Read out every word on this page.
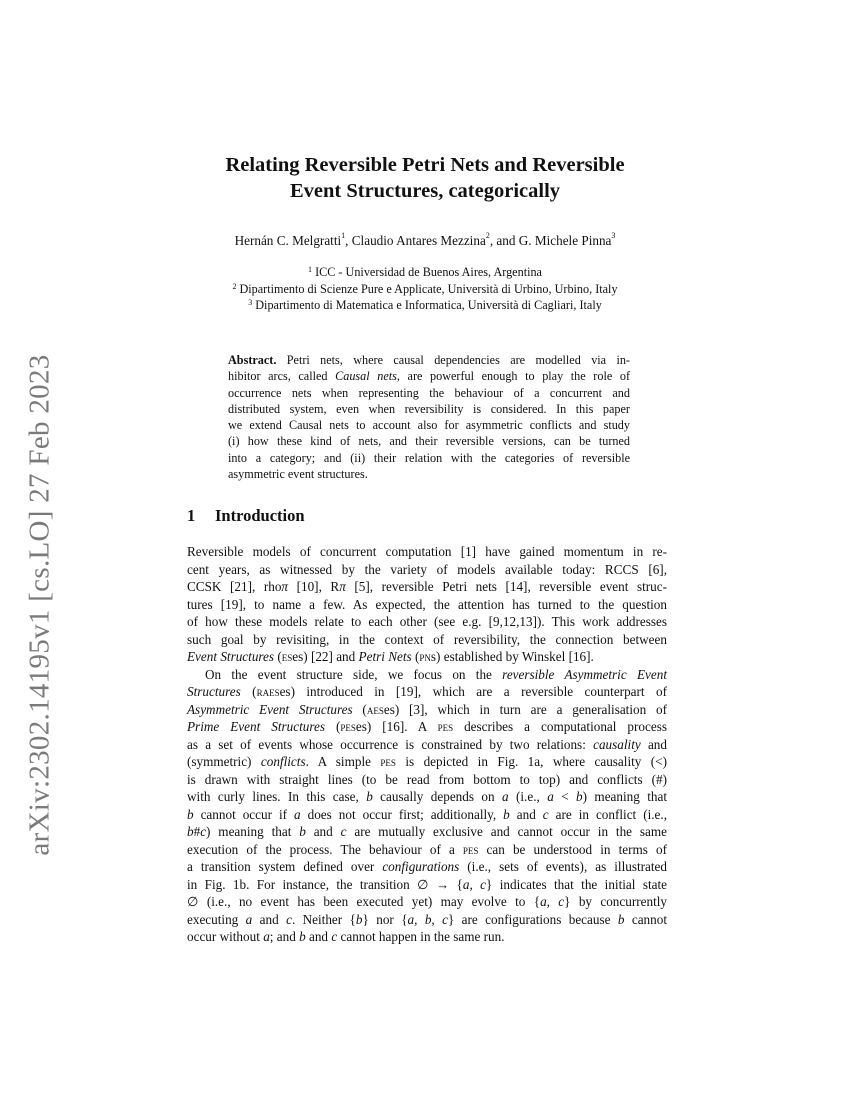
arXiv:2302.14195v1 [cs.LO] 27 Feb 2023
Relating Reversible Petri Nets and Reversible
Event Structures, categorically
Hernán C. Melgratti$^1$, Claudio Antares Mezzina$^2$, and G. Michele Pinna$^3$
$^1$ ICC - Universidad de Buenos Aires, Argentina
$^2$ Dipartimento di Scienze Pure e Applicate, Università di Urbino, Urbino, Italy
$^3$ Dipartimento di Matematica e Informatica, Università di Cagliari, Italy
Abstract. Petri nets, where causal dependencies are modelled via in-
hibitor arcs, called Causal nets, are powerful enough to play the role of
occurrence nets when representing the behaviour of a concurrent and
distributed system, even when reversibility is considered. In this paper
we extend Causal nets to account also for asymmetric conflicts and study
(i) how these kind of nets, and their reversible versions, can be turned
into a category; and (ii) their relation with the categories of reversible
asymmetric event structures.
1 Introduction
Reversible models of concurrent computation [1] have gained momentum in re-
cent years, as witnessed by the variety of models available today: RCCS [6],
CCSK [21], rhoπ [10], Rπ [5], reversible Petri nets [14], reversible event struc-
tures [19], to name a few. As expected, the attention has turned to the question
of how these models relate to each other (see e.g. [9,12,13]). This work addresses
such goal by revisiting, in the context of reversibility, the connection between
Event Structures (eses) [22] and Petri Nets (pns) established by Winskel [16].
On the event structure side, we focus on the reversible Asymmetric Event
Structures (raeses) introduced in [19], which are a reversible counterpart of
Asymmetric Event Structures (aeses) [3], which in turn are a generalisation of
Prime Event Structures (peses) [16]. A pes describes a computational process
as a set of events whose occurrence is constrained by two relations: causality and
(symmetric) conflicts. A simple pes is depicted in Fig. 1a, where causality (<)
is drawn with straight lines (to be read from bottom to top) and conflicts (#)
with curly lines. In this case, b causally depends on a (i.e., a < b) meaning that
b cannot occur if a does not occur first; additionally, b and c are in conflict (i.e.,
b#c) meaning that b and c are mutually exclusive and cannot occur in the same
execution of the process. The behaviour of a pes can be understood in terms of
a transition system defined over configurations (i.e., sets of events), as illustrated
in Fig. 1b. For instance, the transition ∅ → {a, c} indicates that the initial state
∅ (i.e., no event has been executed yet) may evolve to {a, c} by concurrently
executing a and c. Neither {b} nor {a, b, c} are configurations because b cannot
occur without a; and b and c cannot happen in the same run.
